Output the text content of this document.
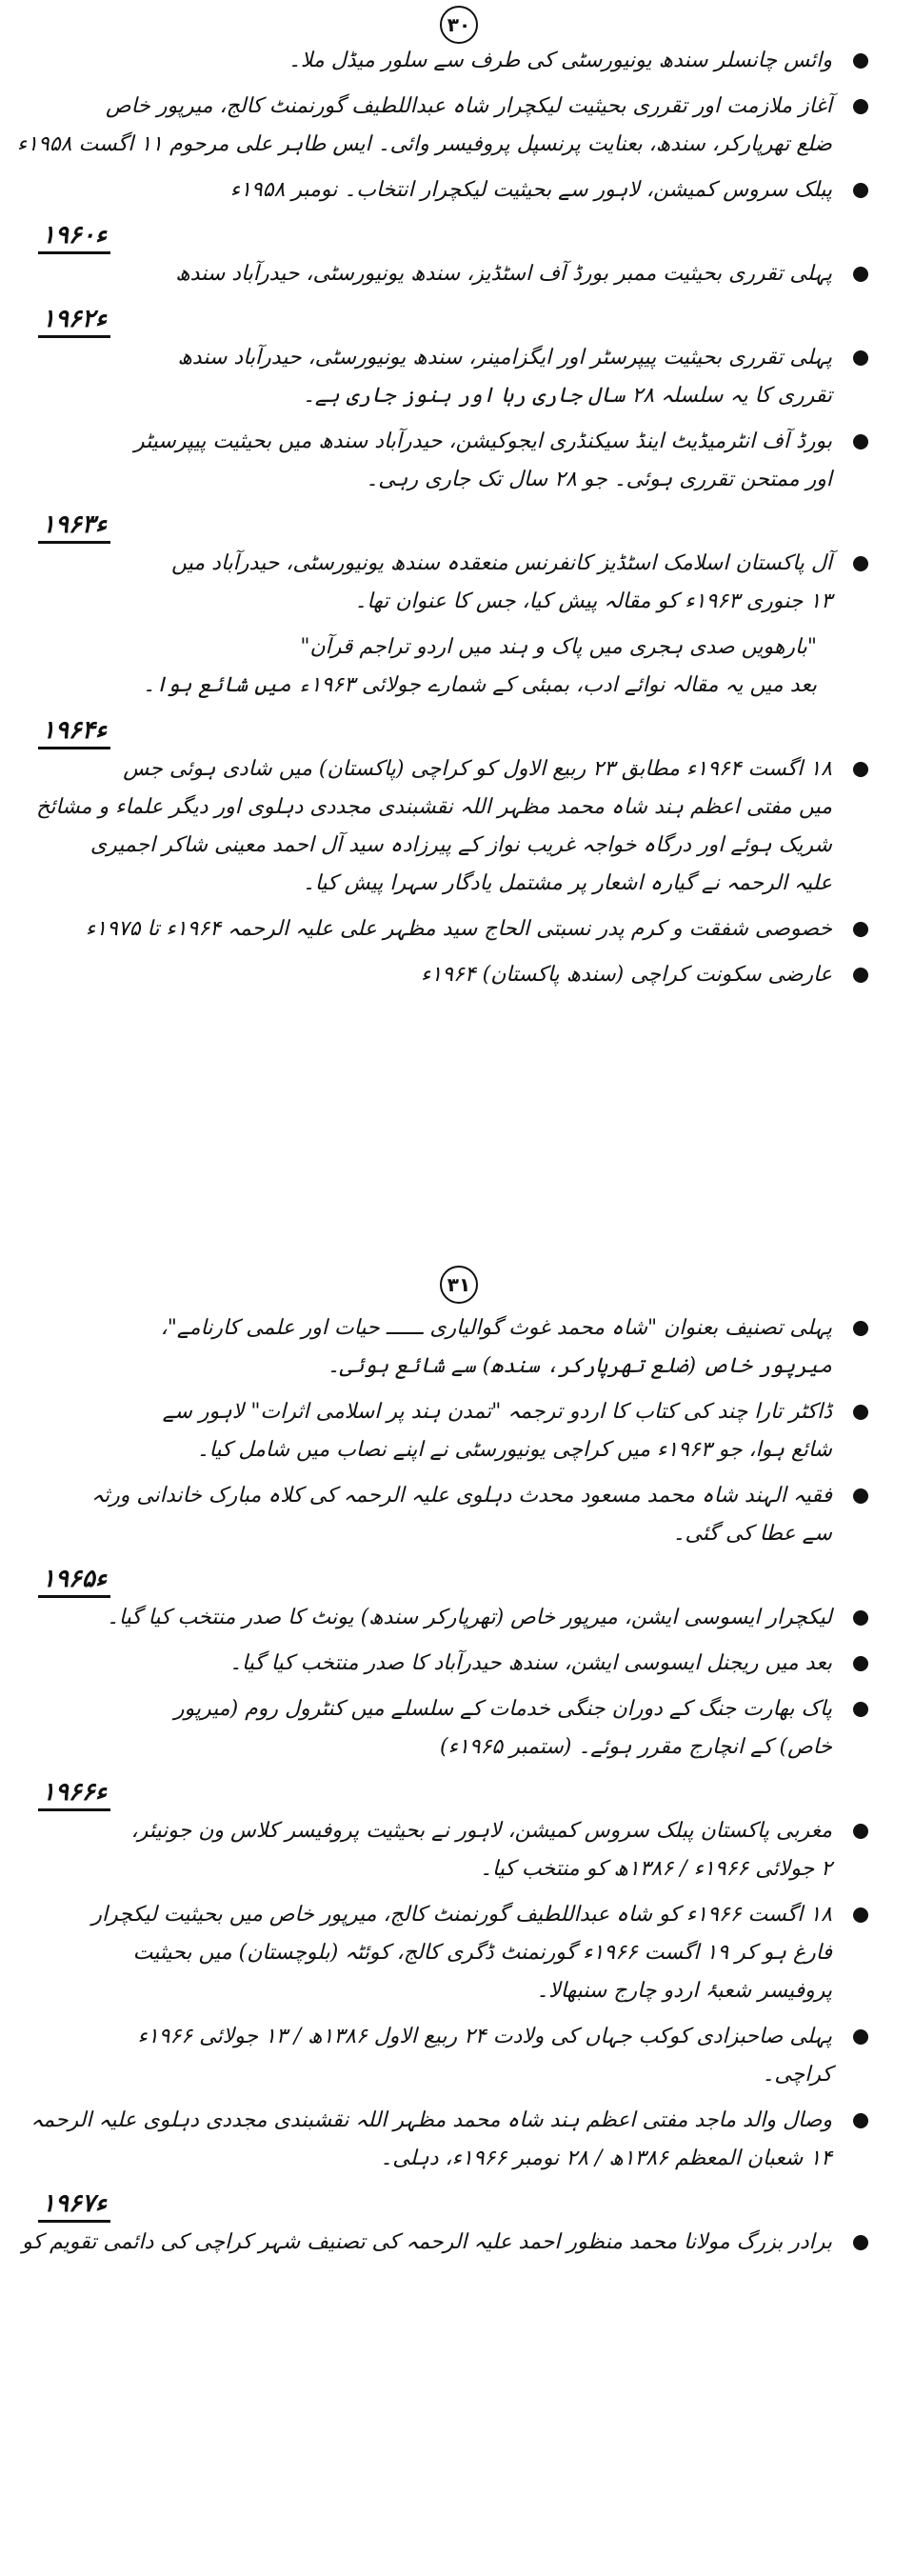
٣٠
وائس چانسلر سندھ یونیورسٹی کی طرف سے سلور میڈل ملا۔
آغاز ملازمت اور تقرری بحیثیت لیکچرار شاہ عبداللطیف گورنمنٹ کالج، میرپور خاص
ضلع تھرپارکر، سندھ، بعنایت پرنسپل پروفیسر وائی۔ ایس طاہر علی مرحوم ۱۱ اگست ۱۹۵۸ء
پبلک سروس کمیشن، لاہور سے بحیثیت لیکچرار انتخاب۔ نومبر ۱۹۵۸ء
۱۹۶۰ء
پہلی تقرری بحیثیت ممبر بورڈ آف اسٹڈیز، سندھ یونیورسٹی، حیدرآباد سندھ
۱۹۶۲ء
پہلی تقرری بحیثیت پیپرسٹر اور ایگزامینر، سندھ یونیورسٹی، حیدرآباد سندھ
تقرری کا یہ سلسلہ ۲۸ سال جاری رہا اور ہنوز جاری ہے۔
بورڈ آف انٹرمیڈیٹ اینڈ سیکنڈری ایجوکیشن، حیدرآباد سندھ میں بحیثیت پیپرسیٹر
اور ممتحن تقرری ہوئی۔ جو ۲۸ سال تک جاری رہی۔
۱۹۶۳ء
آل پاکستان اسلامک اسٹڈیز کانفرنس منعقدہ سندھ یونیورسٹی، حیدرآباد میں
۱۳ جنوری ۱۹۶۳ء کو مقالہ پیش کیا، جس کا عنوان تھا۔
"بارھویں صدی ہجری میں پاک و ہند میں اردو تراجم قرآن"
بعد میں یہ مقالہ نوائے ادب، بمبئی کے شمارے جولائی ۱۹۶۳ء میں شائع ہوا۔
۱۹۶۴ء
۱۸ اگست ۱۹۶۴ء مطابق ۲۳ ربیع الاول کو کراچی (پاکستان) میں شادی ہوئی جس
میں مفتی اعظم ہند شاہ محمد مظہر اللہ نقشبندی مجددی دہلوی اور دیگر علماء و مشائخ
شریک ہوئے اور درگاہ خواجہ غریب نواز کے پیرزادہ سید آل احمد معینی شاکر اجمیری
علیہ الرحمہ نے گیارہ اشعار پر مشتمل یادگار سہرا پیش کیا۔
خصوصی شفقت و کرم پدر نسبتی الحاج سید مظہر علی علیہ الرحمہ ۱۹۶۴ء تا ۱۹۷۵ء
عارضی سکونت کراچی (سندھ پاکستان) ۱۹۶۴ء
٣١
پہلی تصنیف بعنوان "شاہ محمد غوث گوالیاری ــــــ حیات اور علمی کارنامے"،
میرپور خاص (ضلع تھرپارکر، سندھ) سے شائع ہوئی۔
ڈاکٹر تارا چند کی کتاب کا اردو ترجمہ "تمدن ہند پر اسلامی اثرات" لاہور سے
شائع ہوا، جو ۱۹۶۳ء میں کراچی یونیورسٹی نے اپنے نصاب میں شامل کیا۔
فقیہ الہند شاہ محمد مسعود محدث دہلوی علیہ الرحمہ کی کلاہ مبارک خاندانی ورثہ
سے عطا کی گئی۔
۱۹۶۵ء
لیکچرار ایسوسی ایشن، میرپور خاص (تھرپارکر سندھ) یونٹ کا صدر منتخب کیا گیا۔
بعد میں ریجنل ایسوسی ایشن، سندھ حیدرآباد کا صدر منتخب کیا گیا۔
پاک بھارت جنگ کے دوران جنگی خدمات کے سلسلے میں کنٹرول روم (میرپور
خاص) کے انچارج مقرر ہوئے۔ (ستمبر ۱۹۶۵ء)
۱۹۶۶ء
مغربی پاکستان پبلک سروس کمیشن، لاہور نے بحیثیت پروفیسر کلاس ون جونیئر،
۲ جولائی ۱۹۶۶ء / ۱۳۸۶ھ کو منتخب کیا۔
۱۸ اگست ۱۹۶۶ء کو شاہ عبداللطیف گورنمنٹ کالج، میرپور خاص میں بحیثیت لیکچرار
فارغ ہو کر ۱۹ اگست ۱۹۶۶ء گورنمنٹ ڈگری کالج، کوئٹہ (بلوچستان) میں بحیثیت
پروفیسر شعبۂ اردو چارج سنبھالا۔
پہلی صاحبزادی کوکب جہاں کی ولادت ۲۴ ربیع الاول ۱۳۸۶ھ / ۱۳ جولائی ۱۹۶۶ء
کراچی۔
وصال والد ماجد مفتی اعظم ہند شاہ محمد مظہر اللہ نقشبندی مجددی دہلوی علیہ الرحمہ
۱۴ شعبان المعظم ۱۳۸۶ھ / ۲۸ نومبر ۱۹۶۶ء، دہلی۔
۱۹۶۷ء
برادر بزرگ مولانا محمد منظور احمد علیہ الرحمہ کی تصنیف شہر کراچی کی دائمی تقویم کو
